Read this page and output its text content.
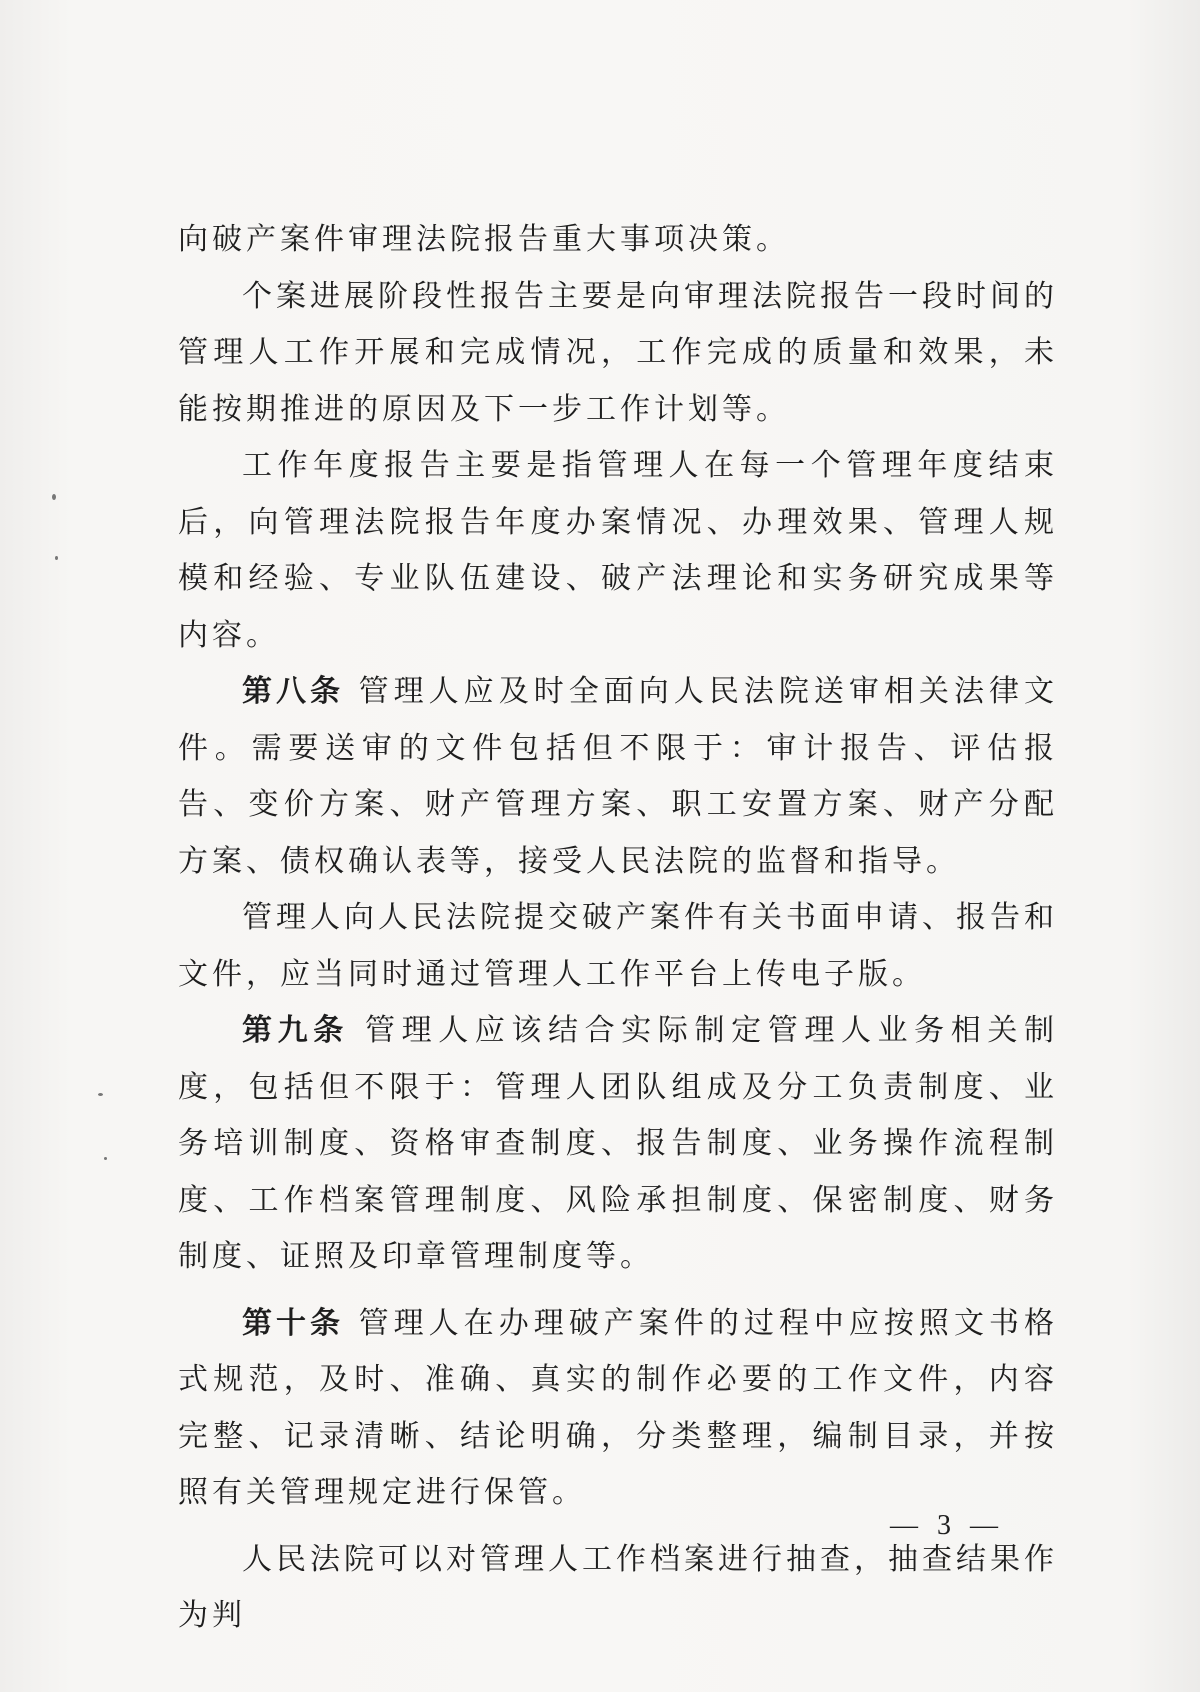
向破产案件审理法院报告重大事项决策。

个案进展阶段性报告主要是向审理法院报告一段时间的管理人工作开展和完成情况，工作完成的质量和效果，未能按期推进的原因及下一步工作计划等。

工作年度报告主要是指管理人在每一个管理年度结束后，向管理法院报告年度办案情况、办理效果、管理人规模和经验、专业队伍建设、破产法理论和实务研究成果等内容。

第八条 管理人应及时全面向人民法院送审相关法律文件。需要送审的文件包括但不限于：审计报告、评估报告、变价方案、财产管理方案、职工安置方案、财产分配方案、债权确认表等，接受人民法院的监督和指导。

管理人向人民法院提交破产案件有关书面申请、报告和文件，应当同时通过管理人工作平台上传电子版。

第九条 管理人应该结合实际制定管理人业务相关制度，包括但不限于：管理人团队组成及分工负责制度、业务培训制度、资格审查制度、报告制度、业务操作流程制度、工作档案管理制度、风险承担制度、保密制度、财务制度、证照及印章管理制度等。

第十条 管理人在办理破产案件的过程中应按照文书格式规范，及时、准确、真实的制作必要的工作文件，内容完整、记录清晰、结论明确，分类整理，编制目录，并按照有关管理规定进行保管。

人民法院可以对管理人工作档案进行抽查，抽查结果作为判

— 3 —
